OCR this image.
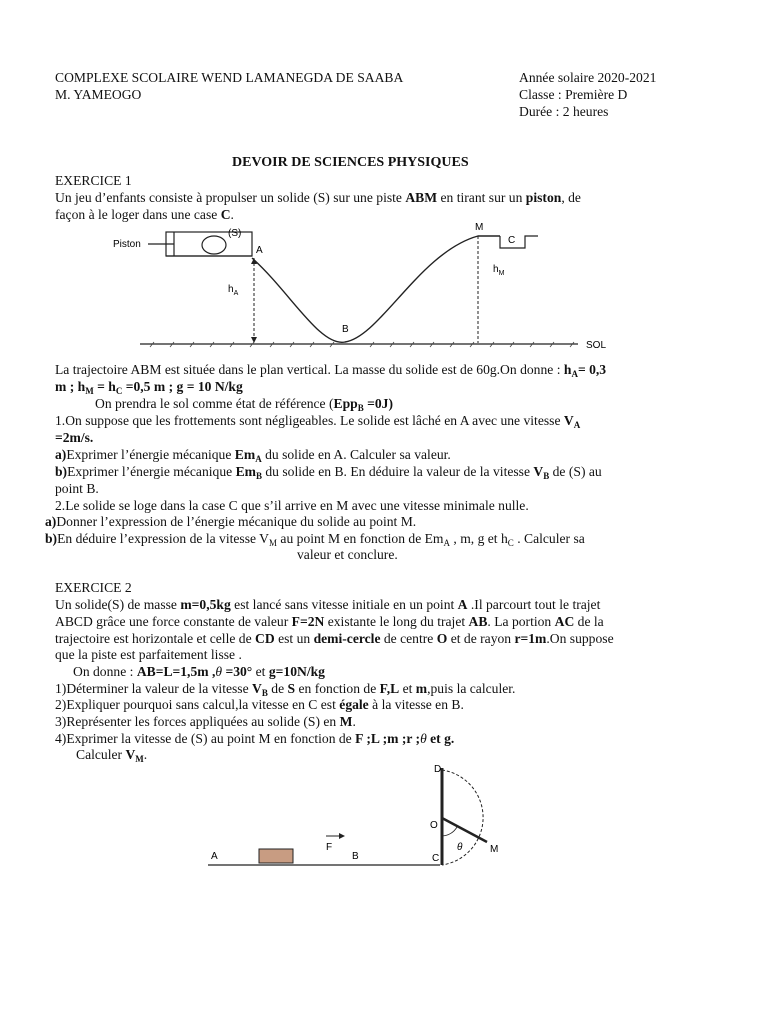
COMPLEXE SCOLAIRE WEND LAMANEGDA DE SAABA
M. YAMEOGO
Année solaire 2020-2021
Classe : Première D
Durée : 2 heures
DEVOIR DE SCIENCES PHYSIQUES
EXERCICE 1
Un jeu d’enfants consiste à propulser un solide (S) sur une piste ABM en tirant sur un piston, de
façon à le loger dans une case C.
Piston
(S)
A
B
M
C
$h_A$
$h_M$
SOL
La trajectoire ABM est située dans le plan vertical. La masse du solide est de 60g.On donne : $h_A= 0,3$
m ; $h_M = h_C =0,5$ m ; g = 10 N/kg
On prendra le sol comme état de référence (Epp$_B$ =0J)
1.On suppose que les frottements sont négligeables. Le solide est lâché en A avec une vitesse $V_A$
=2m/s.
a)Exprimer l’énergie mécanique $Em_A$ du solide en A. Calculer sa valeur.
b)Exprimer l’énergie mécanique $Em_B$ du solide en B. En déduire la valeur de la vitesse $V_B$ de (S) au
point B.
2.Le solide se loge dans la case C que s’il arrive en M avec une vitesse minimale nulle.
a)Donner l’expression de l’énergie mécanique du solide au point M.
b)En déduire l’expression de la vitesse $V_M$ au point M en fonction de $Em_A$ , m, g et $h_C$ . Calculer sa
valeur et conclure.
EXERCICE 2
Un solide(S) de masse m=0,5kg est lancé sans vitesse initiale en un point A .Il parcourt tout le trajet
ABCD grâce une force constante de valeur F=2N existante le long du trajet AB. La portion AC de la
trajectoire est horizontale et celle de CD est un demi-cercle de centre O et de rayon r=1m.On suppose
que la piste est parfaitement lisse .
On donne : AB=L=1,5m ,θ =30° et g=10N/kg
1)Déterminer la valeur de la vitesse $V_B$ de S en fonction de F,L et m,puis la calculer.
2)Expliquer pourquoi sans calcul,la vitesse en C est égale à la vitesse en B.
3)Représenter les forces appliquées au solide (S) en M.
4)Exprimer la vitesse de (S) au point M en fonction de F ;L ;m ;r ;θ et g.
Calculer $V_M$.
A	B	C
D
O
M
F	θ
